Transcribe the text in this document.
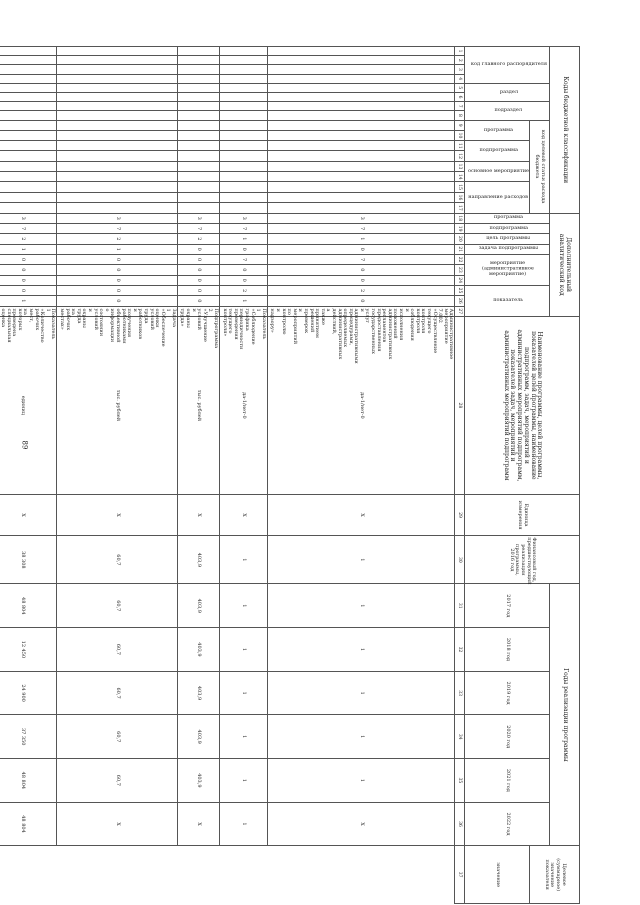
89
Коды бюджетной классификации																	Дополнительный аналитический код										Наименование программы, целей программы, показателей целей программы, наименование подпрограмм, задач, мероприятий и административных мероприятий подпрограмм, показателей задач, мероприятий и административных мероприятий подпрограмм	Единица измерения	Финансовый год, предшествующий реализации программы, 2016 год	Годы реализации программы						Целевое (суммарное) значение показателя
код главного распорядителя				раздел		подраздел		код целевой статьи расхода бюджета									программа	подпрограмма	цель программы	задача подпрограммы	мероприятие (административное мероприятие)			показатель						2017 год	2018 год	2019 год	2020 год	2021 год	2022 год	
								программа		подпрограмма		основное мероприятие		направление расходов																						значение
1	2	3	4	5	6	7	8	9	10	11	12	13	14	15	16	17	18	19	20	21	22	23	24	25	26	27	28	29	30	31	32	33	34	35	36	37
																	3	7	1	0	7	0	0	2	0	Административное мероприятие 7.002 «Осуществление текущего контроля контроля соблюдения и исполнения положений административных регламентов предоставления государственных услуг и административными процедурами, определяемых административных действий, а также принятием решений проверок и мероприятий по контролю и надзору»	да-1/нет-0	X	1	1	1	1	1	1	X	
																	3	7	1	0	7	0	0	2	1	Показатель 1 «Соблюдение графика периодичности проведения текущего контроля»	да-1/нет-0	X	1	1	1	1	1	1	1	
																	3	7	2	0	0	0	0	0	0	Подпрограмма 2 «Улучшение условий и охраны труда»	тыс. рублей	X	403,9	403,9	403,9	403,9	403,9	403,9	X	
																	3	7	2	1	0	0	0	0	0	Задача 1 «Обеспечение оценки условий труда работников и получения работниками объективной информации о состоянии условий и охраны труда на рабочих местах»	тыс. рублей	X	60,7	60,7	60,7	60,7	60,7	60,7	X	
																	3	7	2	1	0	0	0	0	1	Показатель 1 «Количество рабочих мест, на которых проведена специальная оценка	единиц	X	38 308	48 804	12 450	24 900	37 350	48 804	48 804	
